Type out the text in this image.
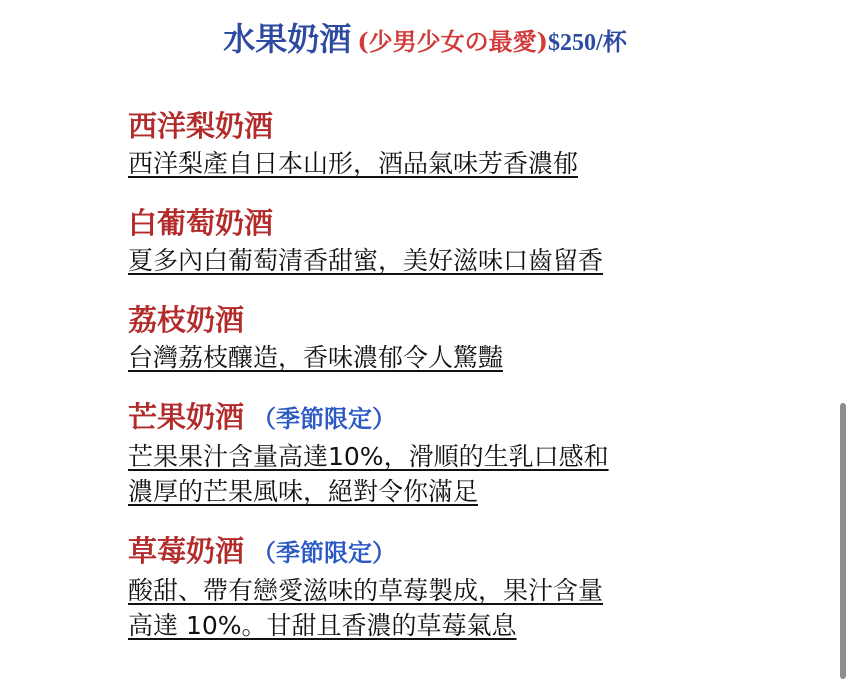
水果奶酒 (少男少女の最愛)$250/杯
西洋梨奶酒
西洋梨產自日本山形，酒品氣味芳香濃郁
白葡萄奶酒
夏多內白葡萄清香甜蜜，美好滋味口齒留香
荔枝奶酒
台灣荔枝釀造，香味濃郁令人驚豔
芒果奶酒 （季節限定）
芒果果汁含量高達10%，滑順的生乳口感和
濃厚的芒果風味，絕對令你滿足
草莓奶酒 （季節限定）
酸甜、帶有戀愛滋味的草莓製成，果汁含量
高達 10%。甘甜且香濃的草莓氣息
